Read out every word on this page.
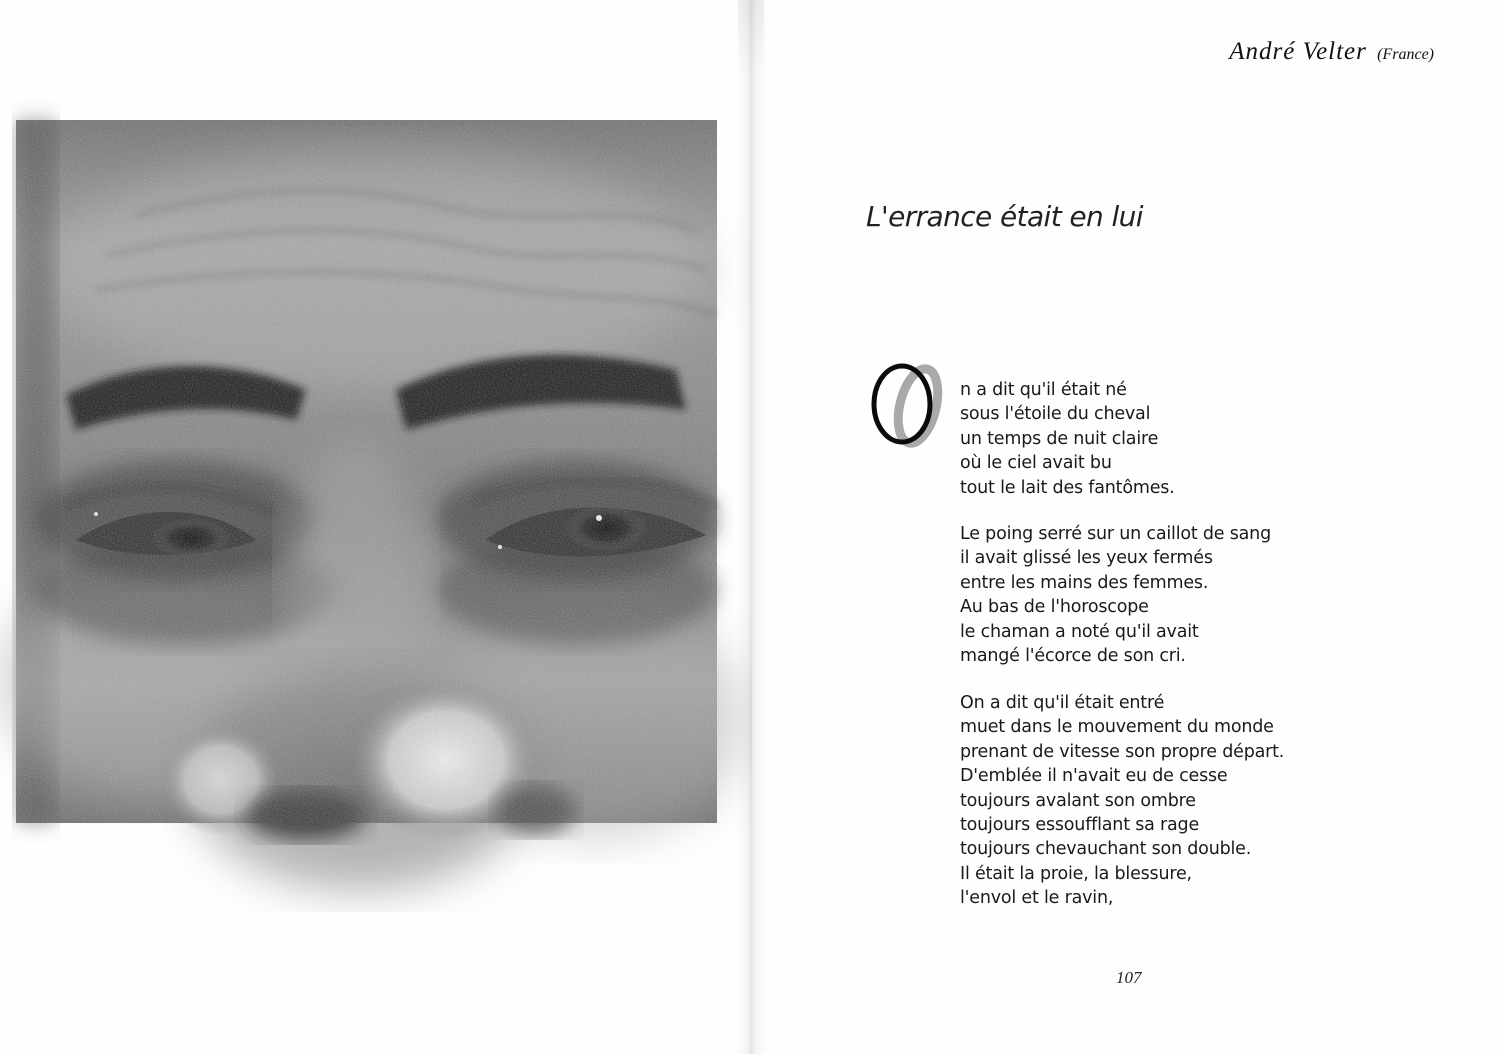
André Velter (France)
L'errance était en lui
n a dit qu'il était né
sous l'étoile du cheval
un temps de nuit claire
où le ciel avait bu
tout le lait des fantômes.
Le poing serré sur un caillot de sang
il avait glissé les yeux fermés
entre les mains des femmes.
Au bas de l'horoscope
le chaman a noté qu'il avait
mangé l'écorce de son cri.
On a dit qu'il était entré
muet dans le mouvement du monde
prenant de vitesse son propre départ.
D'emblée il n'avait eu de cesse
toujours avalant son ombre
toujours essoufflant sa rage
toujours chevauchant son double.
Il était la proie, la blessure,
l'envol et le ravin,
107
